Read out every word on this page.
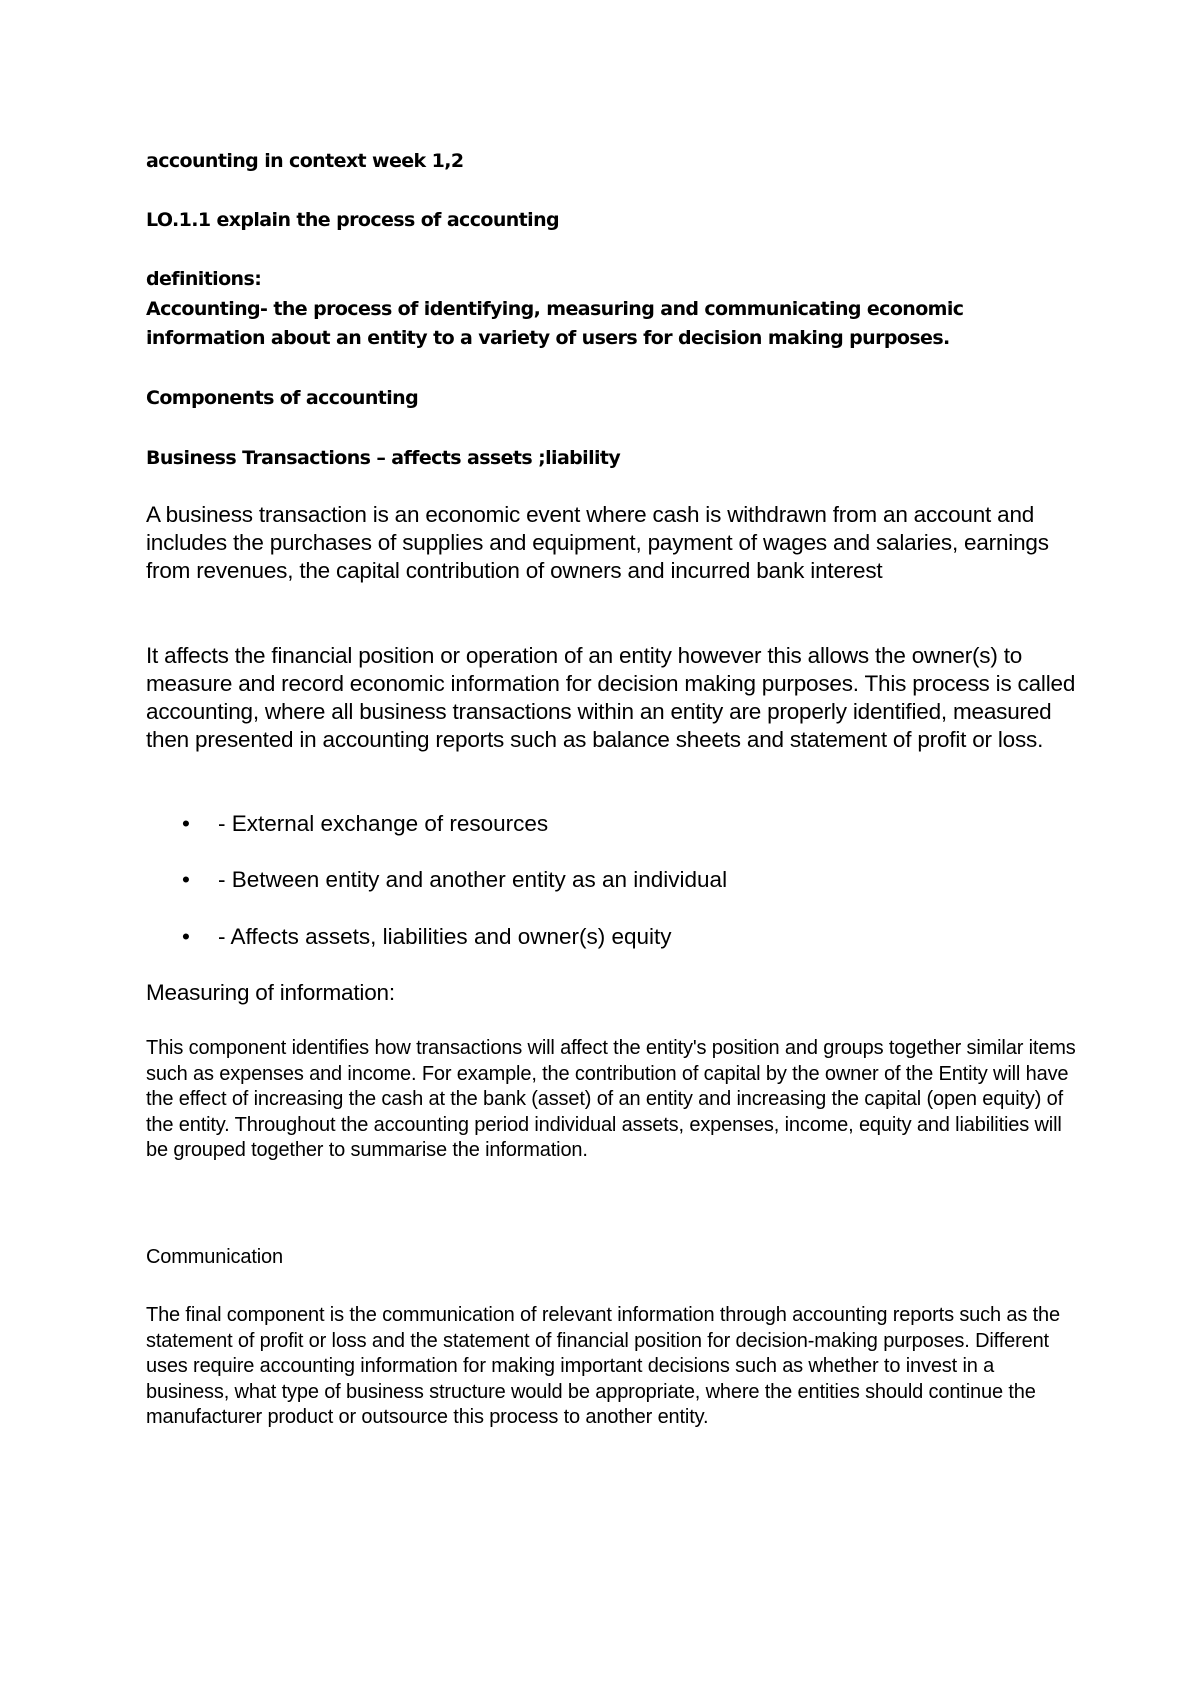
accounting in context week 1,2

LO.1.1 explain the process of accounting

definitions:

Accounting- the process of identifying, measuring and communicating economic information about an entity to a variety of users for decision making purposes.

Components of accounting

Business Transactions – affects assets ;liability

A business transaction is an economic event where cash is withdrawn from an account and includes the purchases of supplies and equipment, payment of wages and salaries, earnings from revenues, the capital contribution of owners and incurred bank interest

It affects the financial position or operation of an entity however this allows the owner(s) to measure and record economic information for decision making purposes. This process is called accounting, where all business transactions within an entity are properly identified, measured then presented in accounting reports such as balance sheets and statement of profit or loss.

• - External exchange of resources
• - Between entity and another entity as an individual
• - Affects assets, liabilities and owner(s) equity

Measuring of information:

This component identifies how transactions will affect the entity's position and groups together similar items such as expenses and income. For example, the contribution of capital by the owner of the Entity will have the effect of increasing the cash at the bank (asset) of an entity and increasing the capital (open equity) of the entity. Throughout the accounting period individual assets, expenses, income, equity and liabilities will be grouped together to summarise the information.

Communication

The final component is the communication of relevant information through accounting reports such as the statement of profit or loss and the statement of financial position for decision-making purposes. Different uses require accounting information for making important decisions such as whether to invest in a business, what type of business structure would be appropriate, where the entities should continue the manufacturer product or outsource this process to another entity.
